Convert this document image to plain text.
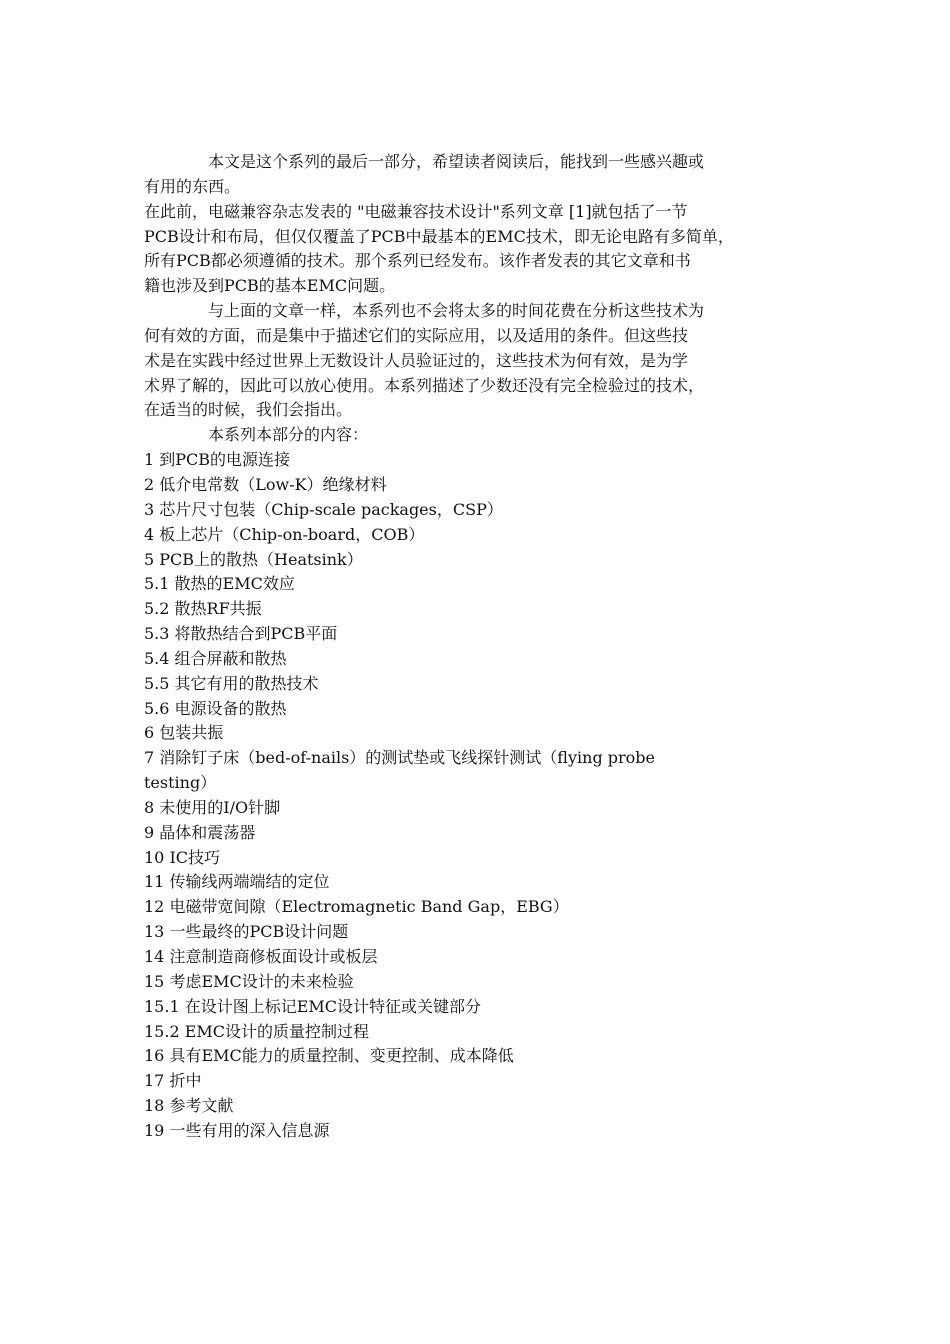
本文是这个系列的最后一部分，希望读者阅读后，能找到一些感兴趣或
有用的东西。
在此前，电磁兼容杂志发表的 "电磁兼容技术设计"系列文章 [1]就包括了一节
PCB设计和布局，但仅仅覆盖了PCB中最基本的EMC技术，即无论电路有多简单，
所有PCB都必须遵循的技术。那个系列已经发布。该作者发表的其它文章和书
籍也涉及到PCB的基本EMC问题。
与上面的文章一样，本系列也不会将太多的时间花费在分析这些技术为
何有效的方面，而是集中于描述它们的实际应用，以及适用的条件。但这些技
术是在实践中经过世界上无数设计人员验证过的，这些技术为何有效，是为学
术界了解的，因此可以放心使用。本系列描述了少数还没有完全检验过的技术，
在适当的时候，我们会指出。
本系列本部分的内容：
1 到PCB的电源连接
2 低介电常数（Low-K）绝缘材料
3 芯片尺寸包装（Chip-scale packages，CSP）
4 板上芯片（Chip-on-board，COB）
5 PCB上的散热（Heatsink）
5.1 散热的EMC效应
5.2 散热RF共振
5.3 将散热结合到PCB平面
5.4 组合屏蔽和散热
5.5 其它有用的散热技术
5.6 电源设备的散热
6 包装共振
7 消除钉子床（bed-of-nails）的测试垫或飞线探针测试（flying probe
testing）
8 未使用的I/O针脚
9 晶体和震荡器
10 IC技巧
11 传输线两端端结的定位
12 电磁带宽间隙（Electromagnetic Band Gap，EBG）
13 一些最终的PCB设计问题
14 注意制造商修板面设计或板层
15 考虑EMC设计的未来检验
15.1 在设计图上标记EMC设计特征或关键部分
15.2 EMC设计的质量控制过程
16 具有EMC能力的质量控制、变更控制、成本降低
17 折中
18 参考文献
19 一些有用的深入信息源
